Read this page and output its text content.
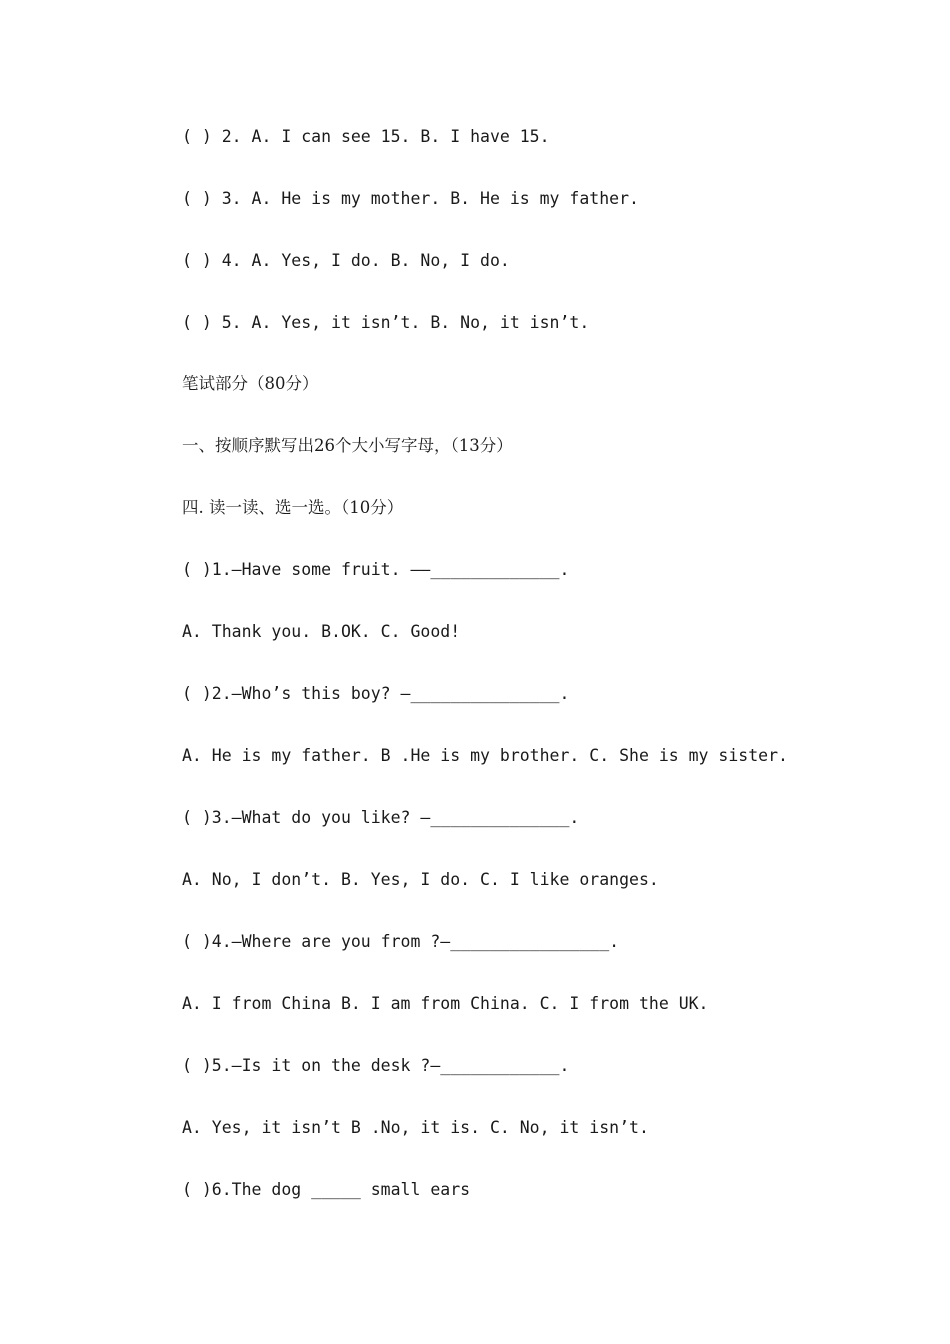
( ) 2. A. I can see 15. B. I have 15.

( ) 3. A. He is my mother. B. He is my father.

( ) 4. A. Yes, I do. B. No, I do.

( ) 5. A. Yes, it isn’t. B. No, it isn’t.

笔试部分（80分）

一、按顺序默写出26个大小写字母，（13分）

四. 读一读、选一选。（10分）

( )1.—Have some fruit. ——_____________.

A. Thank you. B.OK. C. Good!

( )2.—Who’s this boy? —_______________.

A. He is my father. B .He is my brother. C. She is my sister.

( )3.—What do you like? —______________.

A. No, I don’t. B. Yes, I do. C. I like oranges.

( )4.—Where are you from ?—________________.

A. I from China B. I am from China. C. I from the UK.

( )5.—Is it on the desk ?—____________.

A. Yes, it isn’t B .No, it is. C. No, it isn’t.

( )6.The dog _____ small ears
